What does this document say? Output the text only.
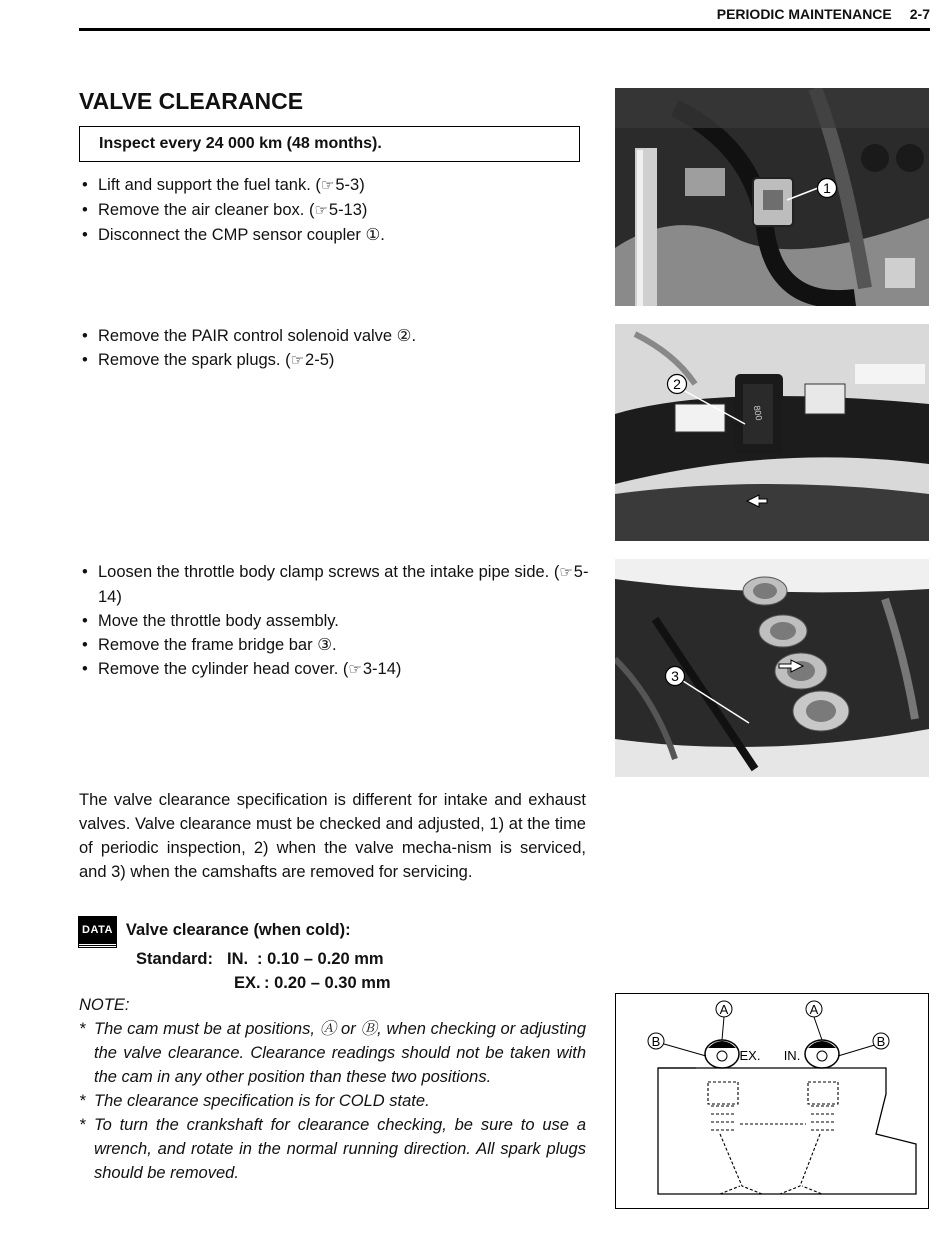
PERIODIC MAINTENANCE 2-7
VALVE CLEARANCE
Inspect every 24 000 km (48 months).
• Lift and support the fuel tank. (☞5-3)
• Remove the air cleaner box. (☞5-13)
• Disconnect the CMP sensor coupler ①.
• Remove the PAIR control solenoid valve ②.
• Remove the spark plugs. (☞2-5)
• Loosen the throttle body clamp screws at the intake pipe side. (☞5-14)
• Move the throttle body assembly.
• Remove the frame bridge bar ③.
• Remove the cylinder head cover. (☞3-14)
1
800
2
3
The valve clearance specification is different for intake and exhaust valves. Valve clearance must be checked and adjusted, 1) at the time of periodic inspection, 2) when the valve mecha-nism is serviced, and 3) when the camshafts are removed for servicing.
DATA Valve clearance (when cold):
Standard: IN. : 0.10 – 0.20 mm
EX. : 0.20 – 0.30 mm
NOTE:
* The cam must be at positions, Ⓐ or Ⓑ, when checking or adjusting the valve clearance. Clearance readings should not be taken with the cam in any other position than these two positions.
* The clearance specification is for COLD state.
* To turn the crankshaft for clearance checking, be sure to use a wrench, and rotate in the normal running direction. All spark plugs should be removed.
A	A
B	B
EX. IN.
